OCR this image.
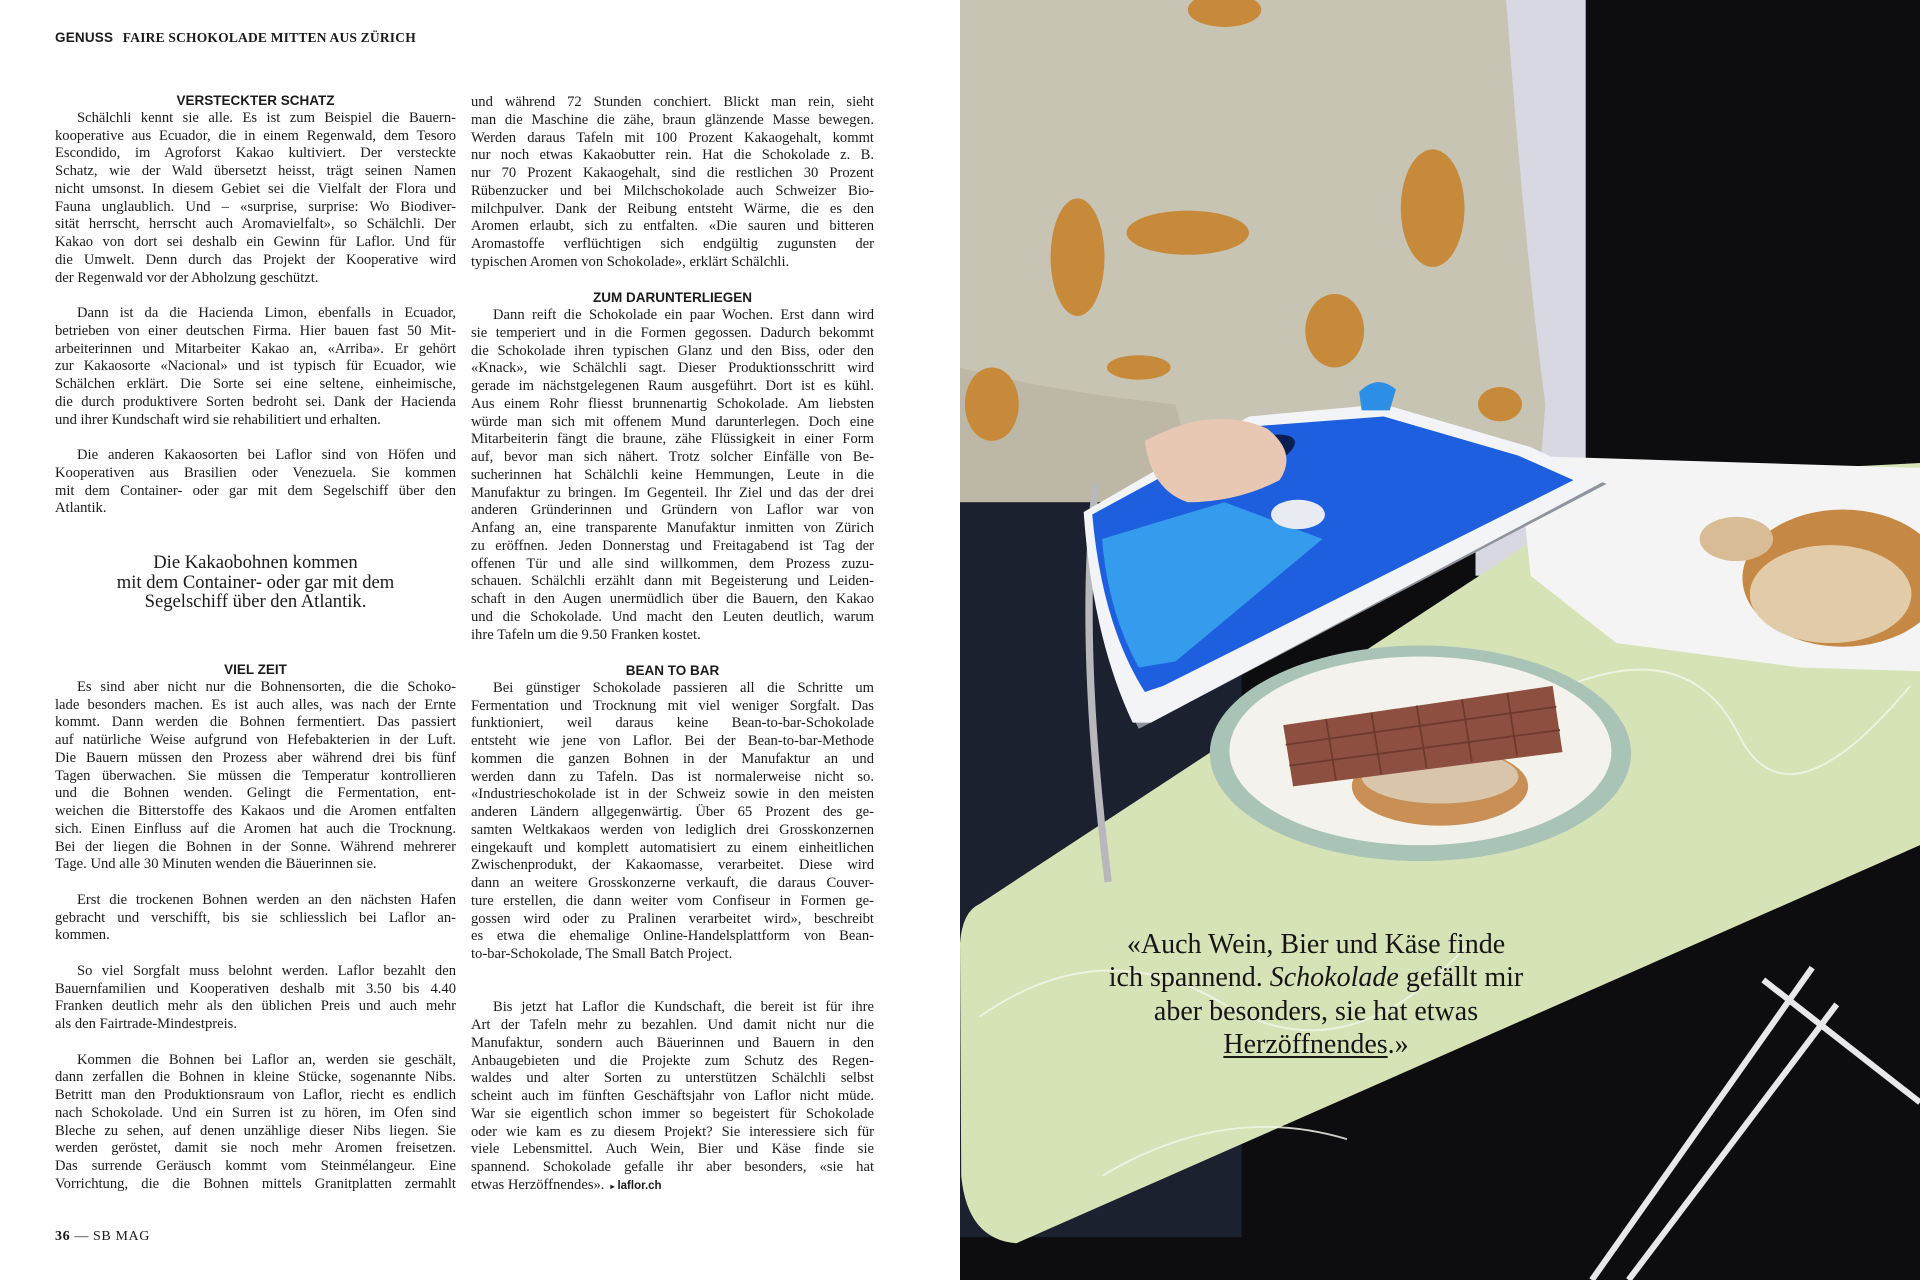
GENUSS FAIRE SCHOKOLADE MITTEN AUS ZÜRICH
VERSTECKTER SCHATZ
Schälchli kennt sie alle. Es ist zum Beispiel die Bauern-
kooperative aus Ecuador, die in einem Regenwald, dem Tesoro
Escondido, im Agroforst Kakao kultiviert. Der versteckte
Schatz, wie der Wald übersetzt heisst, trägt seinen Namen
nicht umsonst. In diesem Gebiet sei die Vielfalt der Flora und
Fauna unglaublich. Und – «surprise, surprise: Wo Biodiver-
sität herrscht, herrscht auch Aromavielfalt», so Schälchli. Der
Kakao von dort sei deshalb ein Gewinn für Laflor. Und für
die Umwelt. Denn durch das Projekt der Kooperative wird
der Regenwald vor der Abholzung geschützt.
Dann ist da die Hacienda Limon, ebenfalls in Ecuador,
betrieben von einer deutschen Firma. Hier bauen fast 50 Mit-
arbeiterinnen und Mitarbeiter Kakao an, «Arriba». Er gehört
zur Kakaosorte «Nacional» und ist typisch für Ecuador, wie
Schälchen erklärt. Die Sorte sei eine seltene, einheimische,
die durch produktivere Sorten bedroht sei. Dank der Hacienda
und ihrer Kundschaft wird sie rehabilitiert und erhalten.
Die anderen Kakaosorten bei Laflor sind von Höfen und
Kooperativen aus Brasilien oder Venezuela. Sie kommen
mit dem Container- oder gar mit dem Segelschiff über den
Atlantik.
Die Kakaobohnen kommen
mit dem Container- oder gar mit dem
Segelschiff über den Atlantik.
VIEL ZEIT
Es sind aber nicht nur die Bohnensorten, die die Schoko-
lade besonders machen. Es ist auch alles, was nach der Ernte
kommt. Dann werden die Bohnen fermentiert. Das passiert
auf natürliche Weise aufgrund von Hefebakterien in der Luft.
Die Bauern müssen den Prozess aber während drei bis fünf
Tagen überwachen. Sie müssen die Temperatur kontrollieren
und die Bohnen wenden. Gelingt die Fermentation, ent-
weichen die Bitterstoffe des Kakaos und die Aromen entfalten
sich. Einen Einfluss auf die Aromen hat auch die Trocknung.
Bei der liegen die Bohnen in der Sonne. Während mehrerer
Tage. Und alle 30 Minuten wenden die Bäuerinnen sie.
Erst die trockenen Bohnen werden an den nächsten Hafen
gebracht und verschifft, bis sie schliesslich bei Laflor an-
kommen.
So viel Sorgfalt muss belohnt werden. Laflor bezahlt den
Bauernfamilien und Kooperativen deshalb mit 3.50 bis 4.40
Franken deutlich mehr als den üblichen Preis und auch mehr
als den Fairtrade-Mindestpreis.
Kommen die Bohnen bei Laflor an, werden sie geschält,
dann zerfallen die Bohnen in kleine Stücke, sogenannte Nibs.
Betritt man den Produktionsraum von Laflor, riecht es endlich
nach Schokolade. Und ein Surren ist zu hören, im Ofen sind
Bleche zu sehen, auf denen unzählige dieser Nibs liegen. Sie
werden geröstet, damit sie noch mehr Aromen freisetzen.
Das surrende Geräusch kommt vom Steinmélangeur. Eine
Vorrichtung, die die Bohnen mittels Granitplatten zermahlt
und während 72 Stunden conchiert. Blickt man rein, sieht
man die Maschine die zähe, braun glänzende Masse bewegen.
Werden daraus Tafeln mit 100 Prozent Kakaogehalt, kommt
nur noch etwas Kakaobutter rein. Hat die Schokolade z. B.
nur 70 Prozent Kakaogehalt, sind die restlichen 30 Prozent
Rübenzucker und bei Milchschokolade auch Schweizer Bio-
milchpulver. Dank der Reibung entsteht Wärme, die es den
Aromen erlaubt, sich zu entfalten. «Die sauren und bitteren
Aromastoffe verflüchtigen sich endgültig zugunsten der
typischen Aromen von Schokolade», erklärt Schälchli.
ZUM DARUNTERLIEGEN
Dann reift die Schokolade ein paar Wochen. Erst dann wird
sie temperiert und in die Formen gegossen. Dadurch bekommt
die Schokolade ihren typischen Glanz und den Biss, oder den
«Knack», wie Schälchli sagt. Dieser Produktionsschritt wird
gerade im nächstgelegenen Raum ausgeführt. Dort ist es kühl.
Aus einem Rohr fliesst brunnenartig Schokolade. Am liebsten
würde man sich mit offenem Mund darunterlegen. Doch eine
Mitarbeiterin fängt die braune, zähe Flüssigkeit in einer Form
auf, bevor man sich nähert. Trotz solcher Einfälle von Be-
sucherinnen hat Schälchli keine Hemmungen, Leute in die
Manufaktur zu bringen. Im Gegenteil. Ihr Ziel und das der drei
anderen Gründerinnen und Gründern von Laflor war von
Anfang an, eine transparente Manufaktur inmitten von Zürich
zu eröffnen. Jeden Donnerstag und Freitagabend ist Tag der
offenen Tür und alle sind willkommen, dem Prozess zuzu-
schauen. Schälchli erzählt dann mit Begeisterung und Leiden-
schaft in den Augen unermüdlich über die Bauern, den Kakao
und die Schokolade. Und macht den Leuten deutlich, warum
ihre Tafeln um die 9.50 Franken kostet.
BEAN TO BAR
Bei günstiger Schokolade passieren all die Schritte um
Fermentation und Trocknung mit viel weniger Sorgfalt. Das
funktioniert, weil daraus keine Bean-to-bar-Schokolade
entsteht wie jene von Laflor. Bei der Bean-to-bar-Methode
kommen die ganzen Bohnen in der Manufaktur an und
werden dann zu Tafeln. Das ist normalerweise nicht so.
«Industrieschokolade ist in der Schweiz sowie in den meisten
anderen Ländern allgegenwärtig. Über 65 Prozent des ge-
samten Weltkakaos werden von lediglich drei Grosskonzernen
eingekauft und komplett automatisiert zu einem einheitlichen
Zwischenprodukt, der Kakaomasse, verarbeitet. Diese wird
dann an weitere Grosskonzerne verkauft, die daraus Couver-
ture erstellen, die dann weiter vom Confiseur in Formen ge-
gossen wird oder zu Pralinen verarbeitet wird», beschreibt
es etwa die ehemalige Online-Handelsplattform von Bean-
to-bar-Schokolade, The Small Batch Project.
Bis jetzt hat Laflor die Kundschaft, die bereit ist für ihre
Art der Tafeln mehr zu bezahlen. Und damit nicht nur die
Manufaktur, sondern auch Bäuerinnen und Bauern in den
Anbaugebieten und die Projekte zum Schutz des Regen-
waldes und alter Sorten zu unterstützen Schälchli selbst
scheint auch im fünften Geschäftsjahr von Laflor nicht müde.
War sie eigentlich schon immer so begeistert für Schokolade
oder wie kam es zu diesem Projekt? Sie interessiere sich für
viele Lebensmittel. Auch Wein, Bier und Käse finde sie
spannend. Schokolade gefalle ihr aber besonders, «sie hat
etwas Herzöffnendes». ▸ laflor.ch
36 — SB MAG
«Auch Wein, Bier und Käse finde
ich spannend. Schokolade gefällt mir
aber besonders, sie hat etwas
Herzöffnendes.»
